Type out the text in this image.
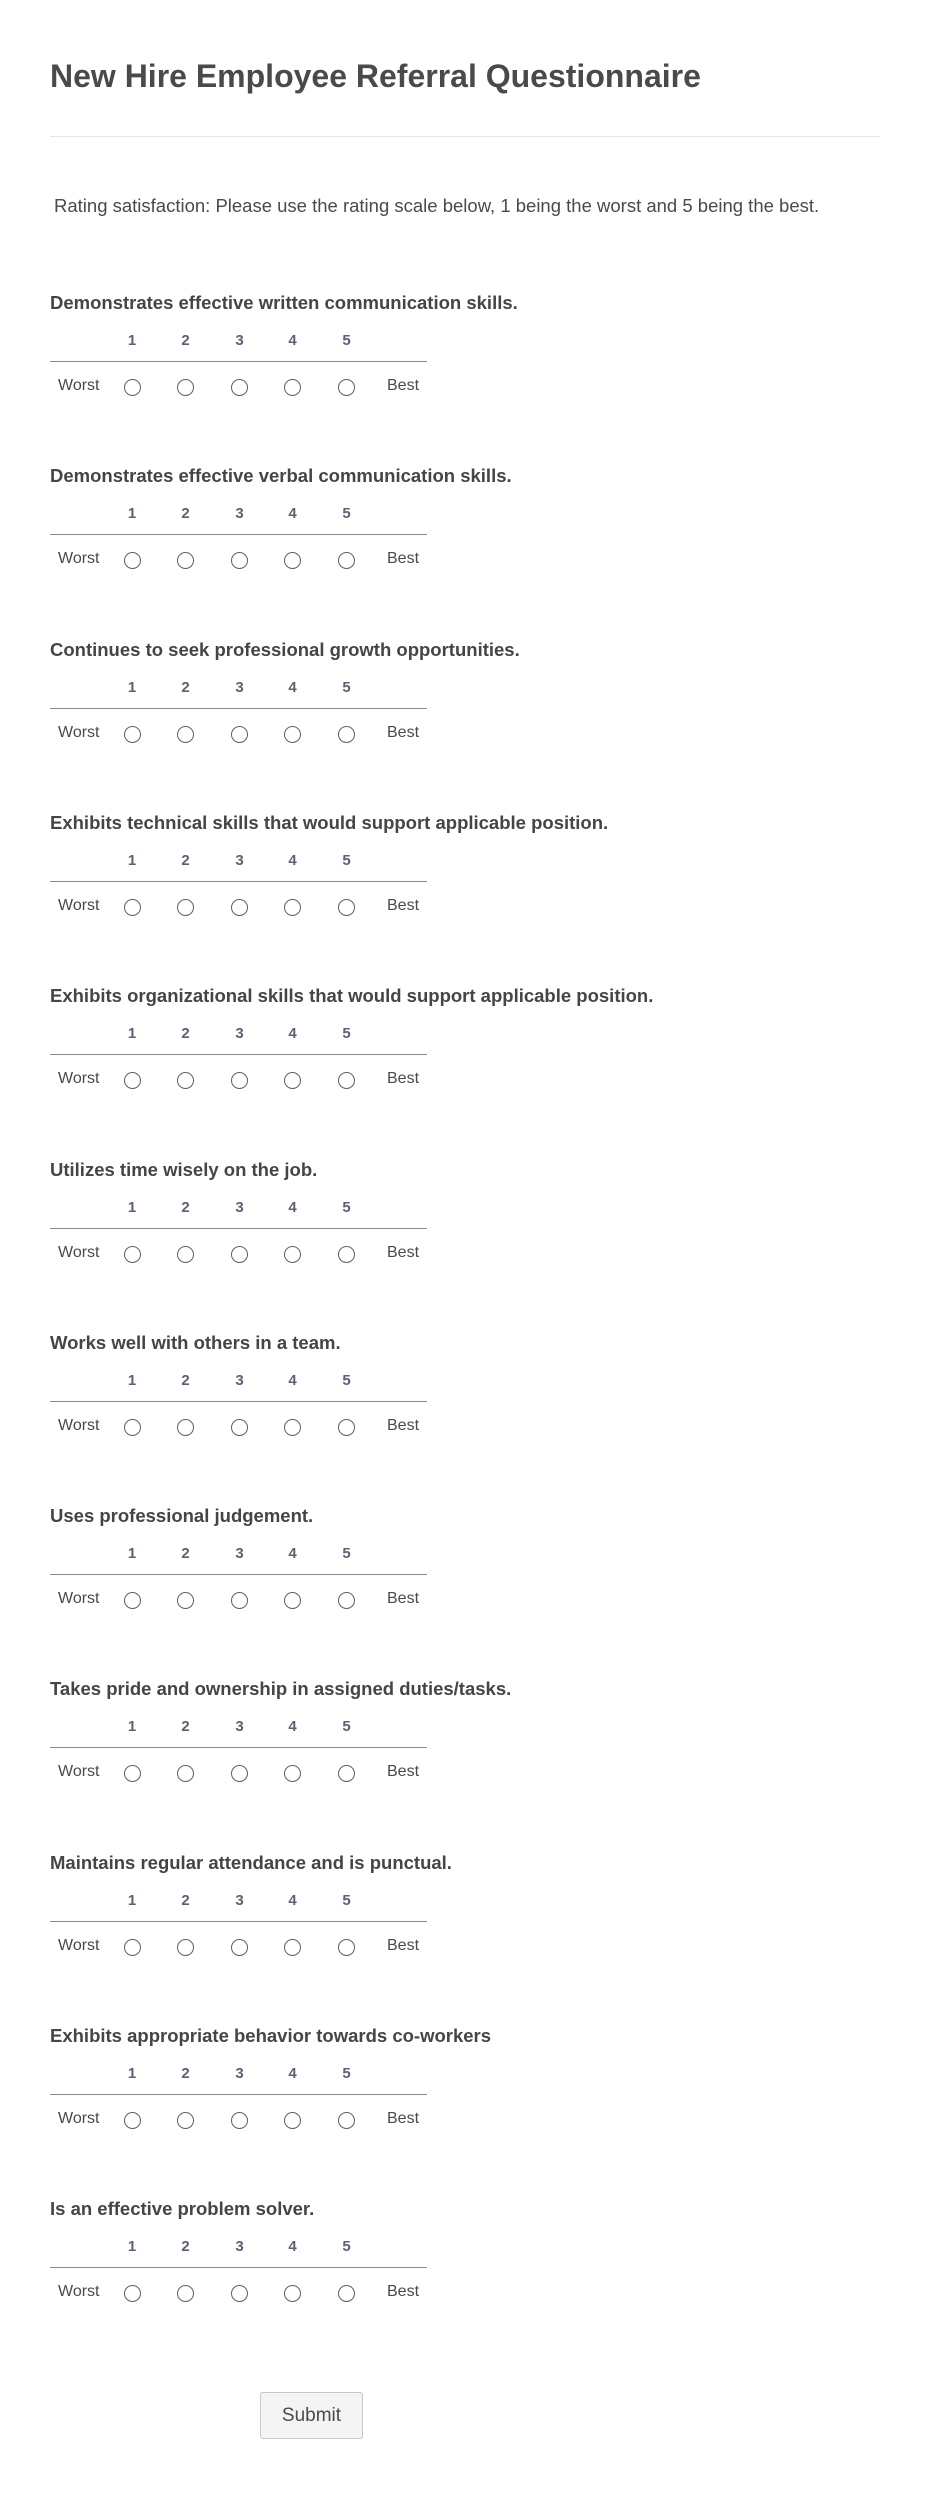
New Hire Employee Referral Questionnaire
Rating satisfaction: Please use the rating scale below, 1 being the worst and 5 being the best.
Demonstrates effective written communication skills.
1	2	3	4	5
Worst	Best
Demonstrates effective verbal communication skills.
1	2	3	4	5
Worst	Best
Continues to seek professional growth opportunities.
1	2	3	4	5
Worst	Best
Exhibits technical skills that would support applicable position.
1	2	3	4	5
Worst	Best
Exhibits organizational skills that would support applicable position.
1	2	3	4	5
Worst	Best
Utilizes time wisely on the job.
1	2	3	4	5
Worst	Best
Works well with others in a team.
1	2	3	4	5
Worst	Best
Uses professional judgement.
1	2	3	4	5
Worst	Best
Takes pride and ownership in assigned duties/tasks.
1	2	3	4	5
Worst	Best
Maintains regular attendance and is punctual.
1	2	3	4	5
Worst	Best
Exhibits appropriate behavior towards co-workers
1	2	3	4	5
Worst	Best
Is an effective problem solver.
1	2	3	4	5
Worst	Best
Submit
